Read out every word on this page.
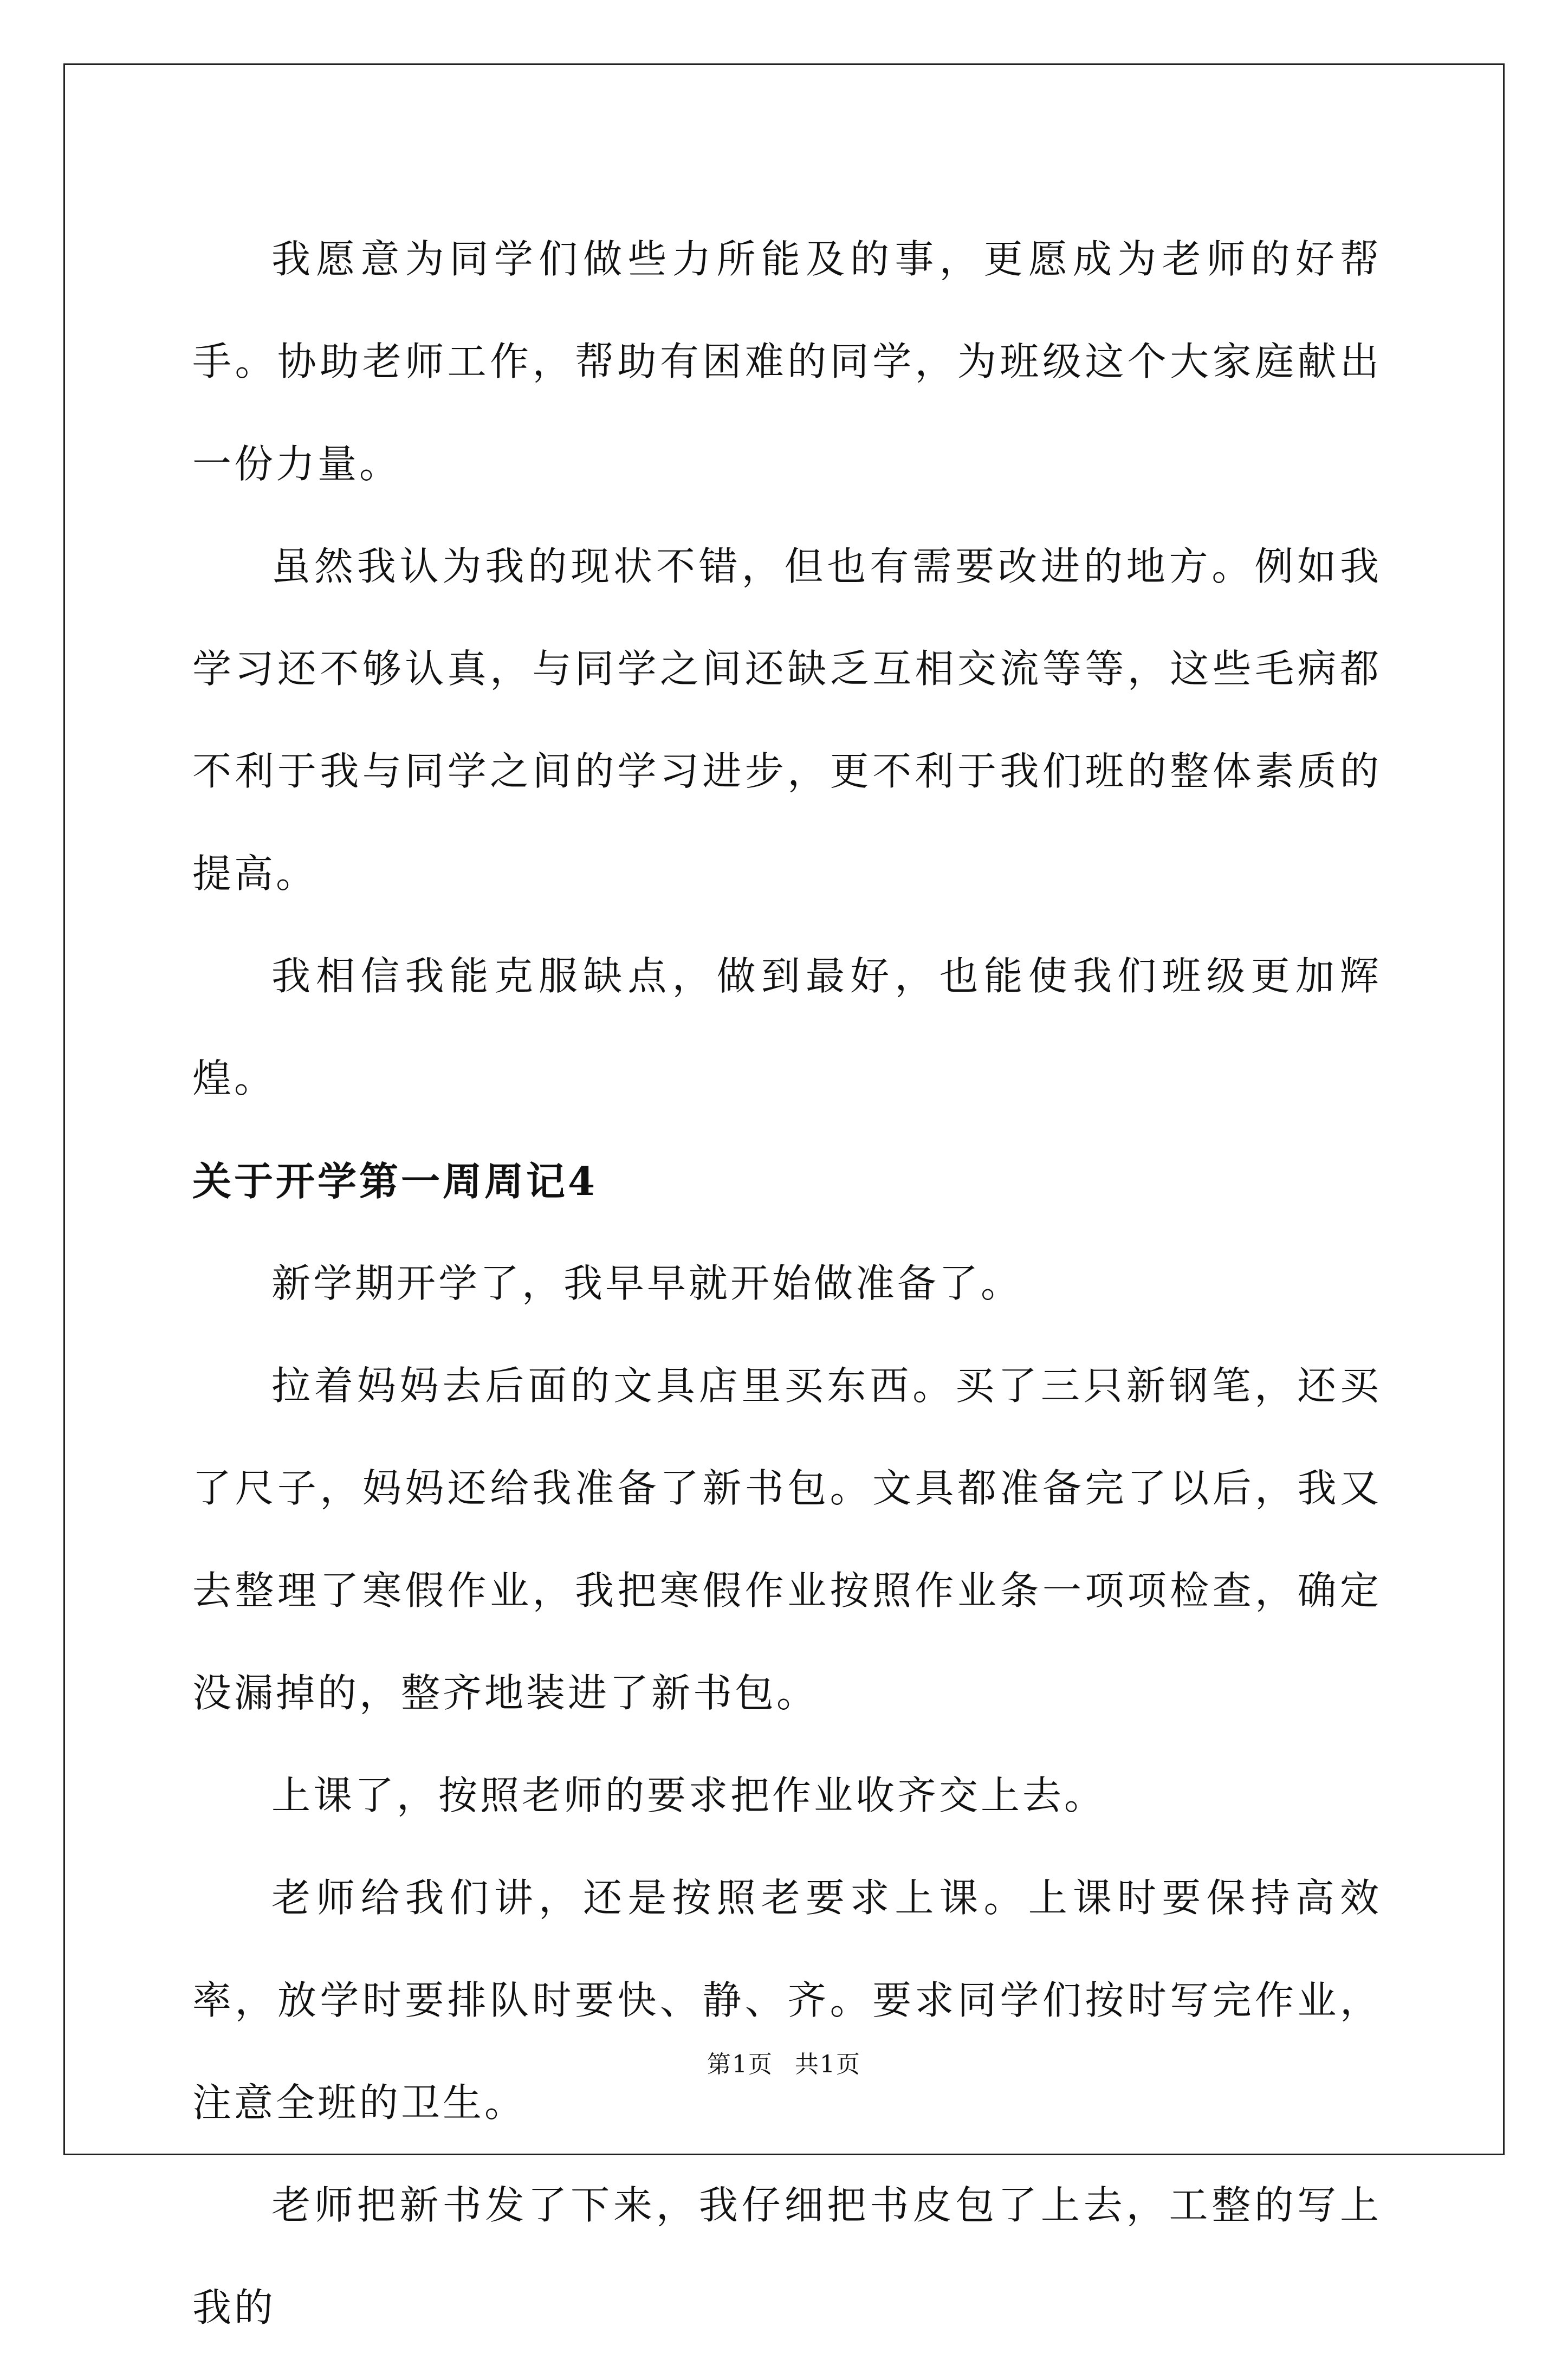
我愿意为同学们做些力所能及的事，更愿成为老师的好帮手。协助老师工作，帮助有困难的同学，为班级这个大家庭献出一份力量。

虽然我认为我的现状不错，但也有需要改进的地方。例如我学习还不够认真，与同学之间还缺乏互相交流等等，这些毛病都不利于我与同学之间的学习进步，更不利于我们班的整体素质的提高。

我相信我能克服缺点，做到最好，也能使我们班级更加辉煌。

关于开学第一周周记4

新学期开学了，我早早就开始做准备了。

拉着妈妈去后面的文具店里买东西。买了三只新钢笔，还买了尺子，妈妈还给我准备了新书包。文具都准备完了以后，我又去整理了寒假作业，我把寒假作业按照作业条一项项检查，确定没漏掉的，整齐地装进了新书包。

上课了，按照老师的要求把作业收齐交上去。

老师给我们讲，还是按照老要求上课。上课时要保持高效率，放学时要排队时要快、静、齐。要求同学们按时写完作业，注意全班的卫生。

老师把新书发了下来，我仔细把书皮包了上去，工整的写上我的

第1页 共1页
